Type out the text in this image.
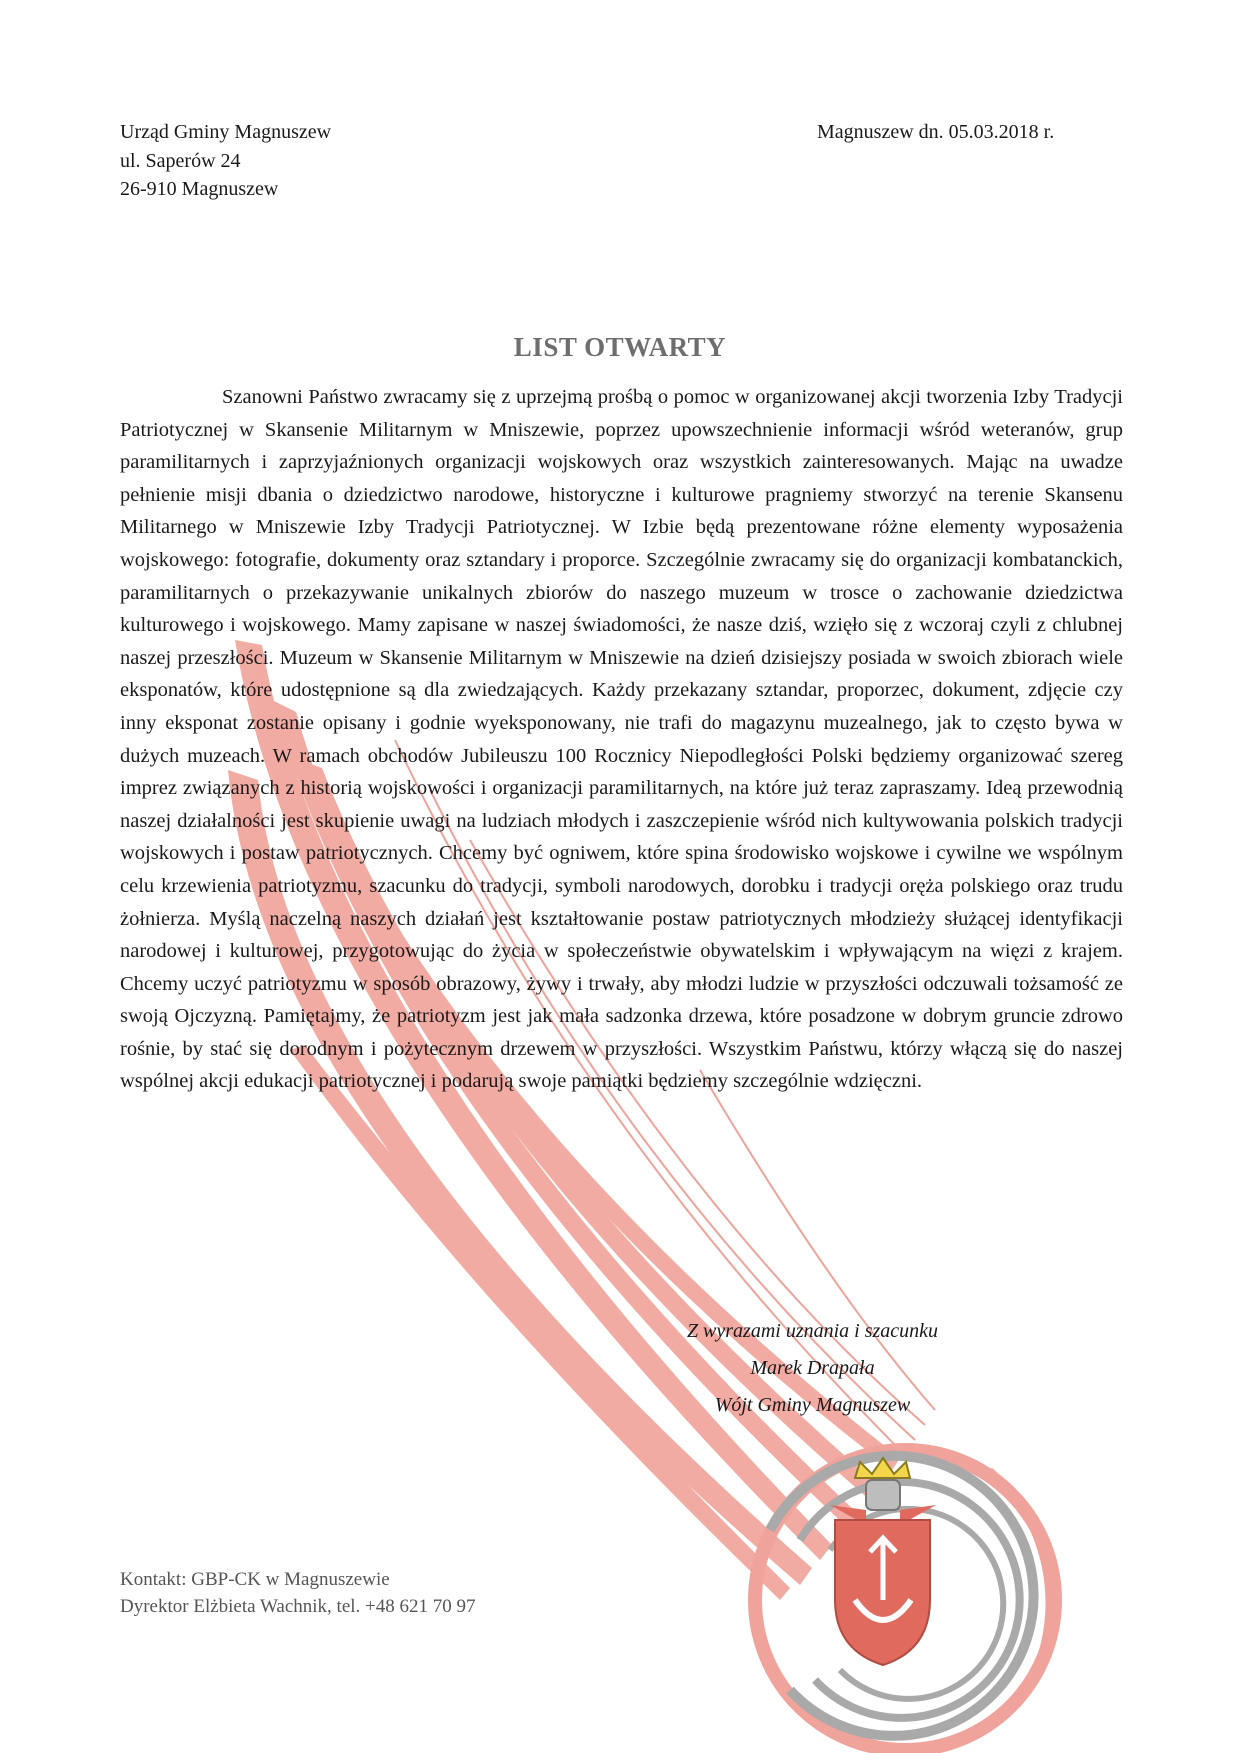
Urząd Gminy Magnuszew
ul. Saperów 24
26-910 Magnuszew
Magnuszew dn. 05.03.2018 r.
LIST OTWARTY

Szanowni Państwo zwracamy się z uprzejmą prośbą o pomoc w organizowanej akcji tworzenia Izby Tradycji Patriotycznej w Skansenie Militarnym w Mniszewie, poprzez upowszechnienie informacji wśród weteranów, grup paramilitarnych i zaprzyjaźnionych organizacji wojskowych oraz wszystkich zainteresowanych. Mając na uwadze pełnienie misji dbania o dziedzictwo narodowe, historyczne i kulturowe pragniemy stworzyć na terenie Skansenu Militarnego w Mniszewie Izby Tradycji Patriotycznej. W Izbie będą prezentowane różne elementy wyposażenia wojskowego: fotografie, dokumenty oraz sztandary i proporce. Szczególnie zwracamy się do organizacji kombatanckich, paramilitarnych o przekazywanie unikalnych zbiorów do naszego muzeum w trosce o zachowanie dziedzictwa kulturowego i wojskowego. Mamy zapisane w naszej świadomości, że nasze dziś, wzięło się z wczoraj czyli z chlubnej naszej przeszłości. Muzeum w Skansenie Militarnym w Mniszewie na dzień dzisiejszy posiada w swoich zbiorach wiele eksponatów, które udostępnione są dla zwiedzających. Każdy przekazany sztandar, proporzec, dokument, zdjęcie czy inny eksponat zostanie opisany i godnie wyeksponowany, nie trafi do magazynu muzealnego, jak to często bywa w dużych muzeach. W ramach obchodów Jubileuszu 100 Rocznicy Niepodległości Polski będziemy organizować szereg imprez związanych z historią wojskowości i organizacji paramilitarnych, na które już teraz zapraszamy. Ideą przewodnią naszej działalności jest skupienie uwagi na ludziach młodych i zaszczepienie wśród nich kultywowania polskich tradycji wojskowych i postaw patriotycznych. Chcemy być ogniwem, które spina środowisko wojskowe i cywilne we wspólnym celu krzewienia patriotyzmu, szacunku do tradycji, symboli narodowych, dorobku i tradycji oręża polskiego oraz trudu żołnierza. Myślą naczelną naszych działań jest kształtowanie postaw patriotycznych młodzieży służącej identyfikacji narodowej i kulturowej, przygotowując do życia w społeczeństwie obywatelskim i wpływającym na więzi z krajem. Chcemy uczyć patriotyzmu w sposób obrazowy, żywy i trwały, aby młodzi ludzie w przyszłości odczuwali tożsamość ze swoją Ojczyzną. Pamiętajmy, że patriotyzm jest jak mała sadzonka drzewa, które posadzone w dobrym gruncie zdrowo rośnie, by stać się dorodnym i pożytecznym drzewem w przyszłości. Wszystkim Państwu, którzy włączą się do naszej wspólnej akcji edukacji patriotycznej i podarują swoje pamiątki będziemy szczególnie wdzięczni.

Z wyrazami uznania i szacunku
Marek Drapała
Wójt Gminy Magnuszew
Kontakt: GBP-CK w Magnuszewie
Dyrektor Elżbieta Wachnik, tel. +48 621 70 97
